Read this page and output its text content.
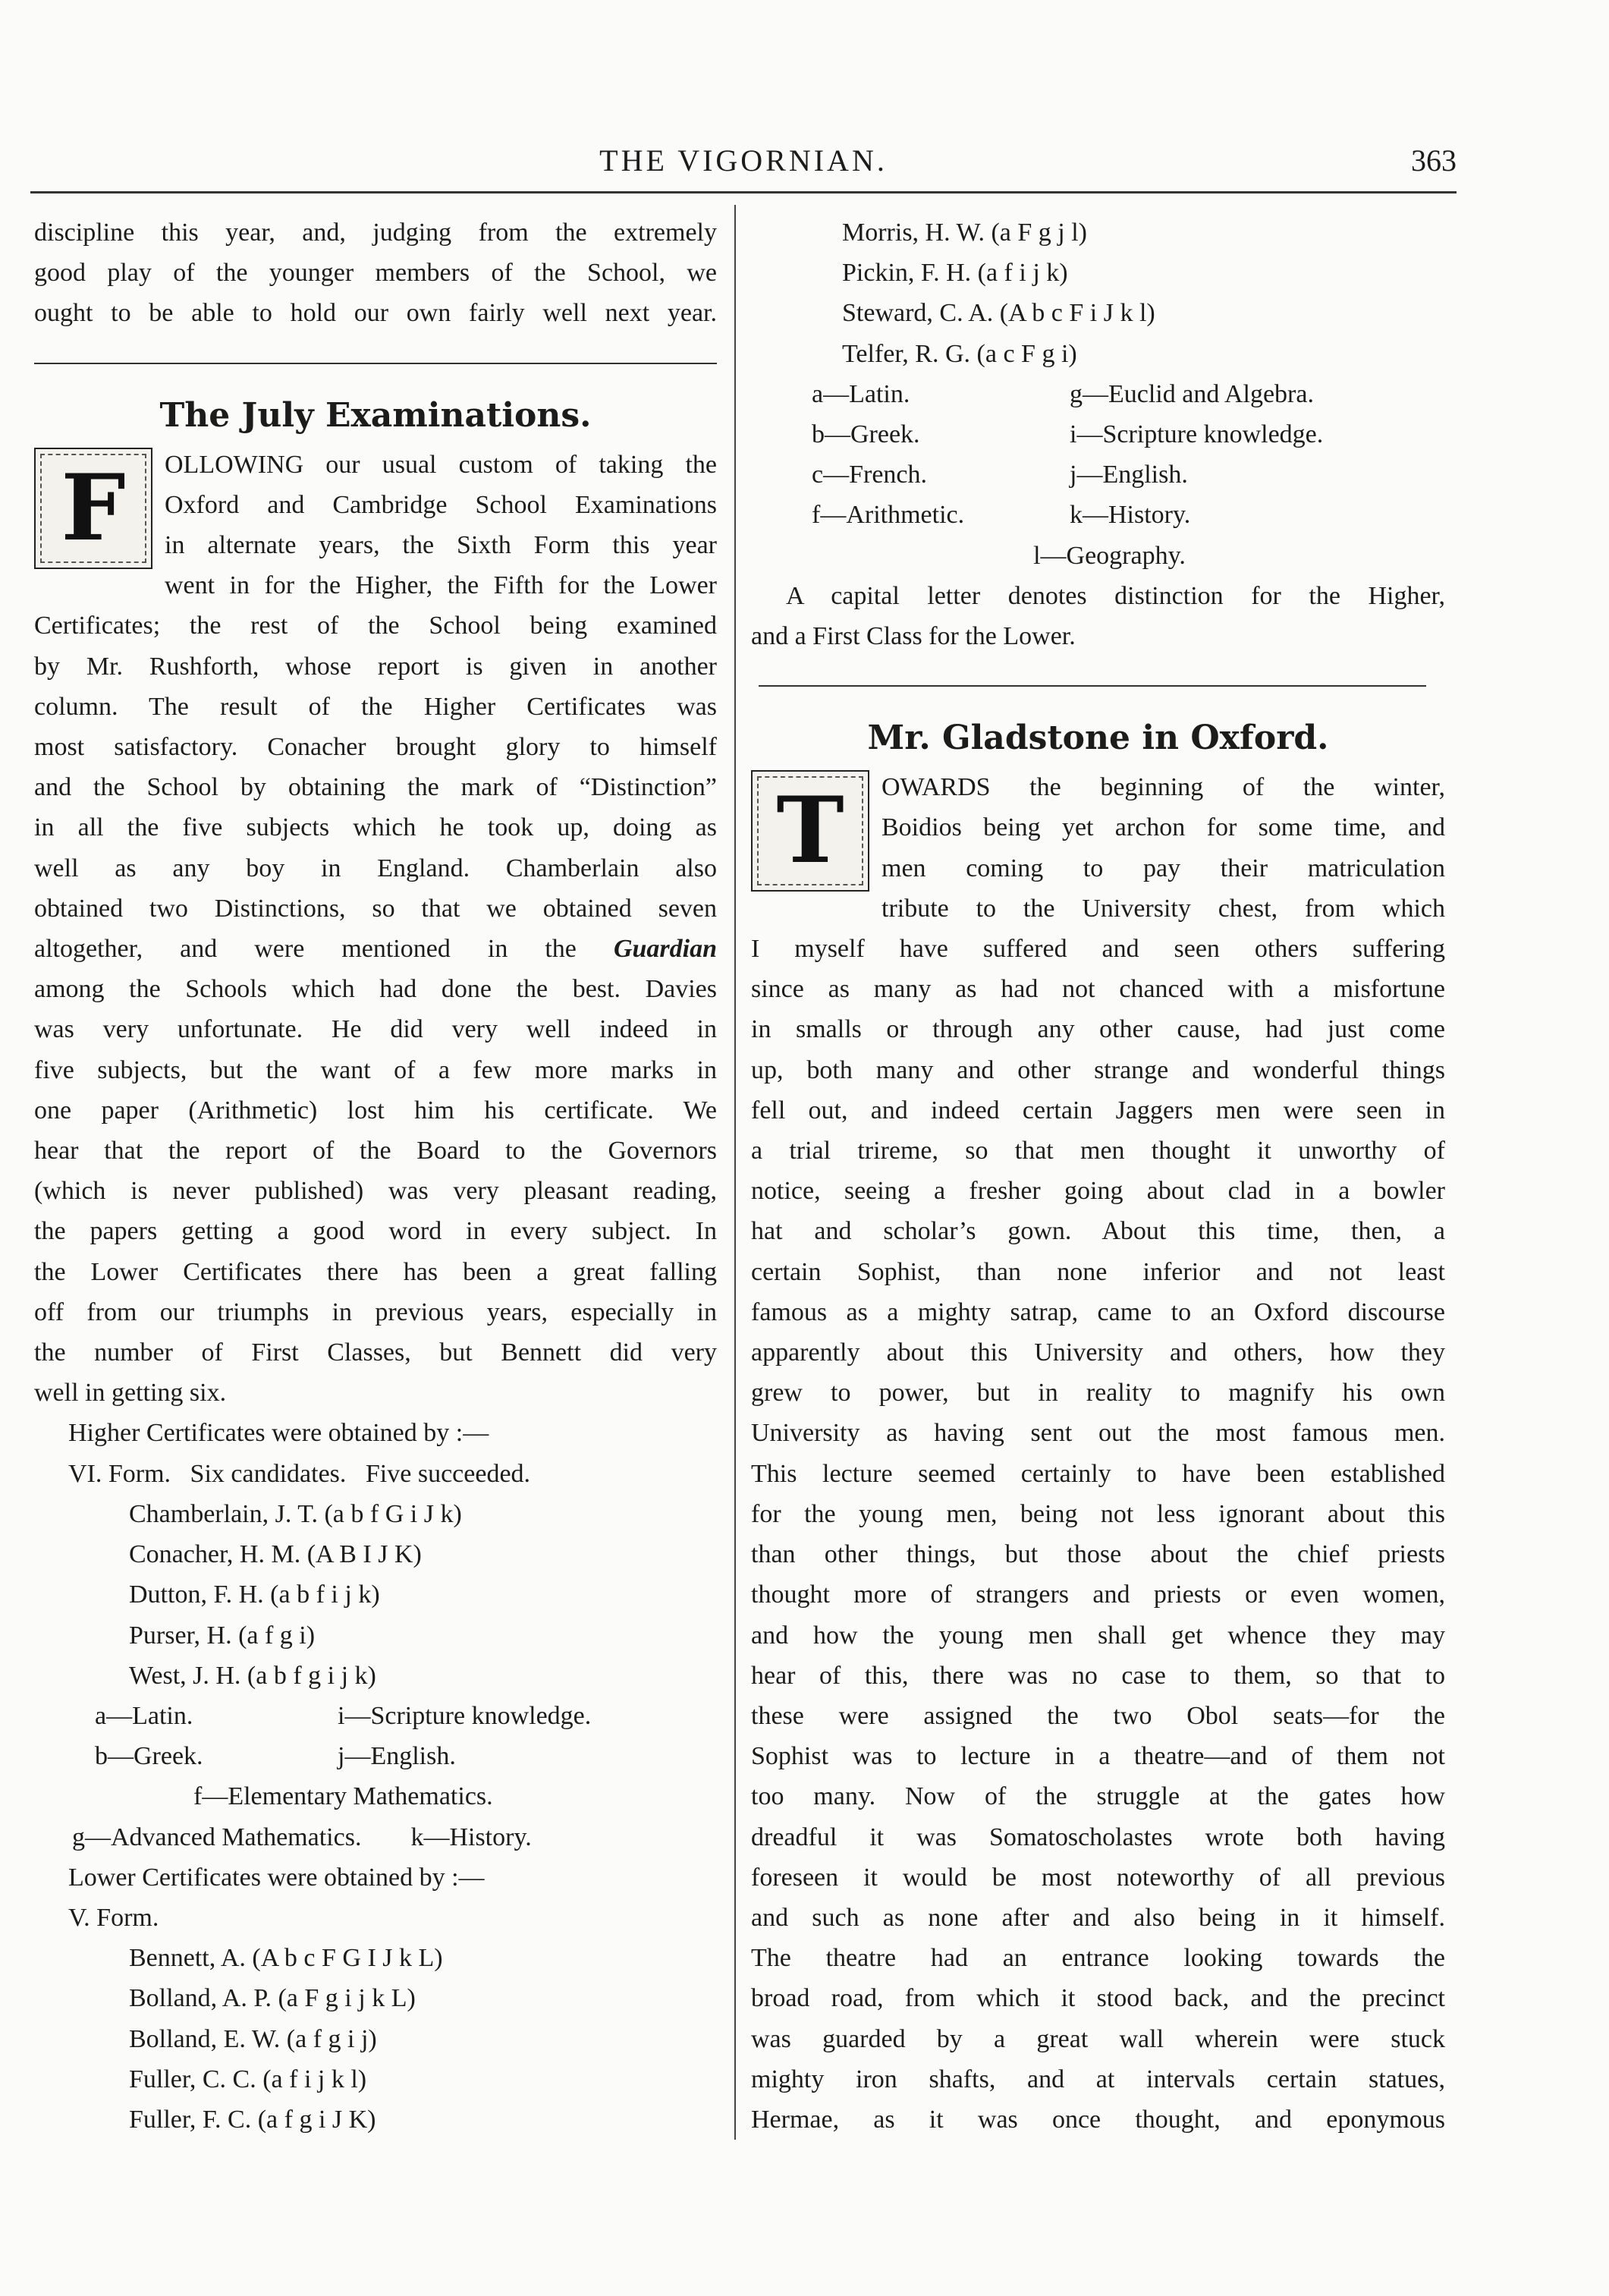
THE VIGORNIAN.	363
discipline this year, and, judging from the extremely
good play of the younger members of the School, we
ought to be able to hold our own fairly well next year.
The July Examinations.
F	OLLOWING our usual custom of taking the
Oxford and Cambridge School Examinations
in alternate years, the Sixth Form this year
went in for the Higher, the Fifth for the Lower
Certificates; the rest of the School being examined
by Mr. Rushforth, whose report is given in another
column. The result of the Higher Certificates was
most satisfactory. Conacher brought glory to himself
and the School by obtaining the mark of “Distinction”
in all the five subjects which he took up, doing as
well as any boy in England. Chamberlain also
obtained two Distinctions, so that we obtained seven
altogether, and were mentioned in the Guardian
among the Schools which had done the best. Davies
was very unfortunate. He did very well indeed in
five subjects, but the want of a few more marks in
one paper (Arithmetic) lost him his certificate. We
hear that the report of the Board to the Governors
(which is never published) was very pleasant reading,
the papers getting a good word in every subject. In
the Lower Certificates there has been a great falling
off from our triumphs in previous years, especially in
the number of First Classes, but Bennett did very
well in getting six.
Higher Certificates were obtained by :—
VI. Form.   Six candidates.   Five succeeded.
Chamberlain, J. T. (a b f G i J k)
Conacher, H. M. (A B I J K)
Dutton, F. H. (a b f i j k)
Purser, H. (a f g i)
West, J. H. (a b f g i j k)
a—Latin.	i—Scripture knowledge.
b—Greek.	j—English.
f—Elementary Mathematics.
g—Advanced Mathematics. k—History.
Lower Certificates were obtained by :—
V. Form.
Bennett, A. (A b c F G I J k L)
Bolland, A. P. (a F g i j k L)
Bolland, E. W. (a f g i j)
Fuller, C. C. (a f i j k l)
Fuller, F. C. (a f g i J K)
Morris, H. W. (a F g j l)
Pickin, F. H. (a f i j k)
Steward, C. A. (A b c F i J k l)
Telfer, R. G. (a c F g i)
a—Latin.	g—Euclid and Algebra.
b—Greek.	i—Scripture knowledge.
c—French.	j—English.
f—Arithmetic.	k—History.
l—Geography.
A capital letter denotes distinction for the Higher,
and a First Class for the Lower.
Mr. Gladstone in Oxford.
T	OWARDS the beginning of the winter,
Boidios being yet archon for some time, and
men coming to pay their matriculation
tribute to the University chest, from which
I myself have suffered and seen others suffering
since as many as had not chanced with a misfortune
in smalls or through any other cause, had just come
up, both many and other strange and wonderful things
fell out, and indeed certain Jaggers men were seen in
a trial trireme, so that men thought it unworthy of
notice, seeing a fresher going about clad in a bowler
hat and scholar’s gown. About this time, then, a
certain Sophist, than none inferior and not least
famous as a mighty satrap, came to an Oxford discourse
apparently about this University and others, how they
grew to power, but in reality to magnify his own
University as having sent out the most famous men.
This lecture seemed certainly to have been established
for the young men, being not less ignorant about this
than other things, but those about the chief priests
thought more of strangers and priests or even women,
and how the young men shall get whence they may
hear of this, there was no case to them, so that to
these were assigned the two Obol seats—for the
Sophist was to lecture in a theatre—and of them not
too many. Now of the struggle at the gates how
dreadful it was Somatoscholastes wrote both having
foreseen it would be most noteworthy of all previous
and such as none after and also being in it himself.
The theatre had an entrance looking towards the
broad road, from which it stood back, and the precinct
was guarded by a great wall wherein were stuck
mighty iron shafts, and at intervals certain statues,
Hermae, as it was once thought, and eponymous
